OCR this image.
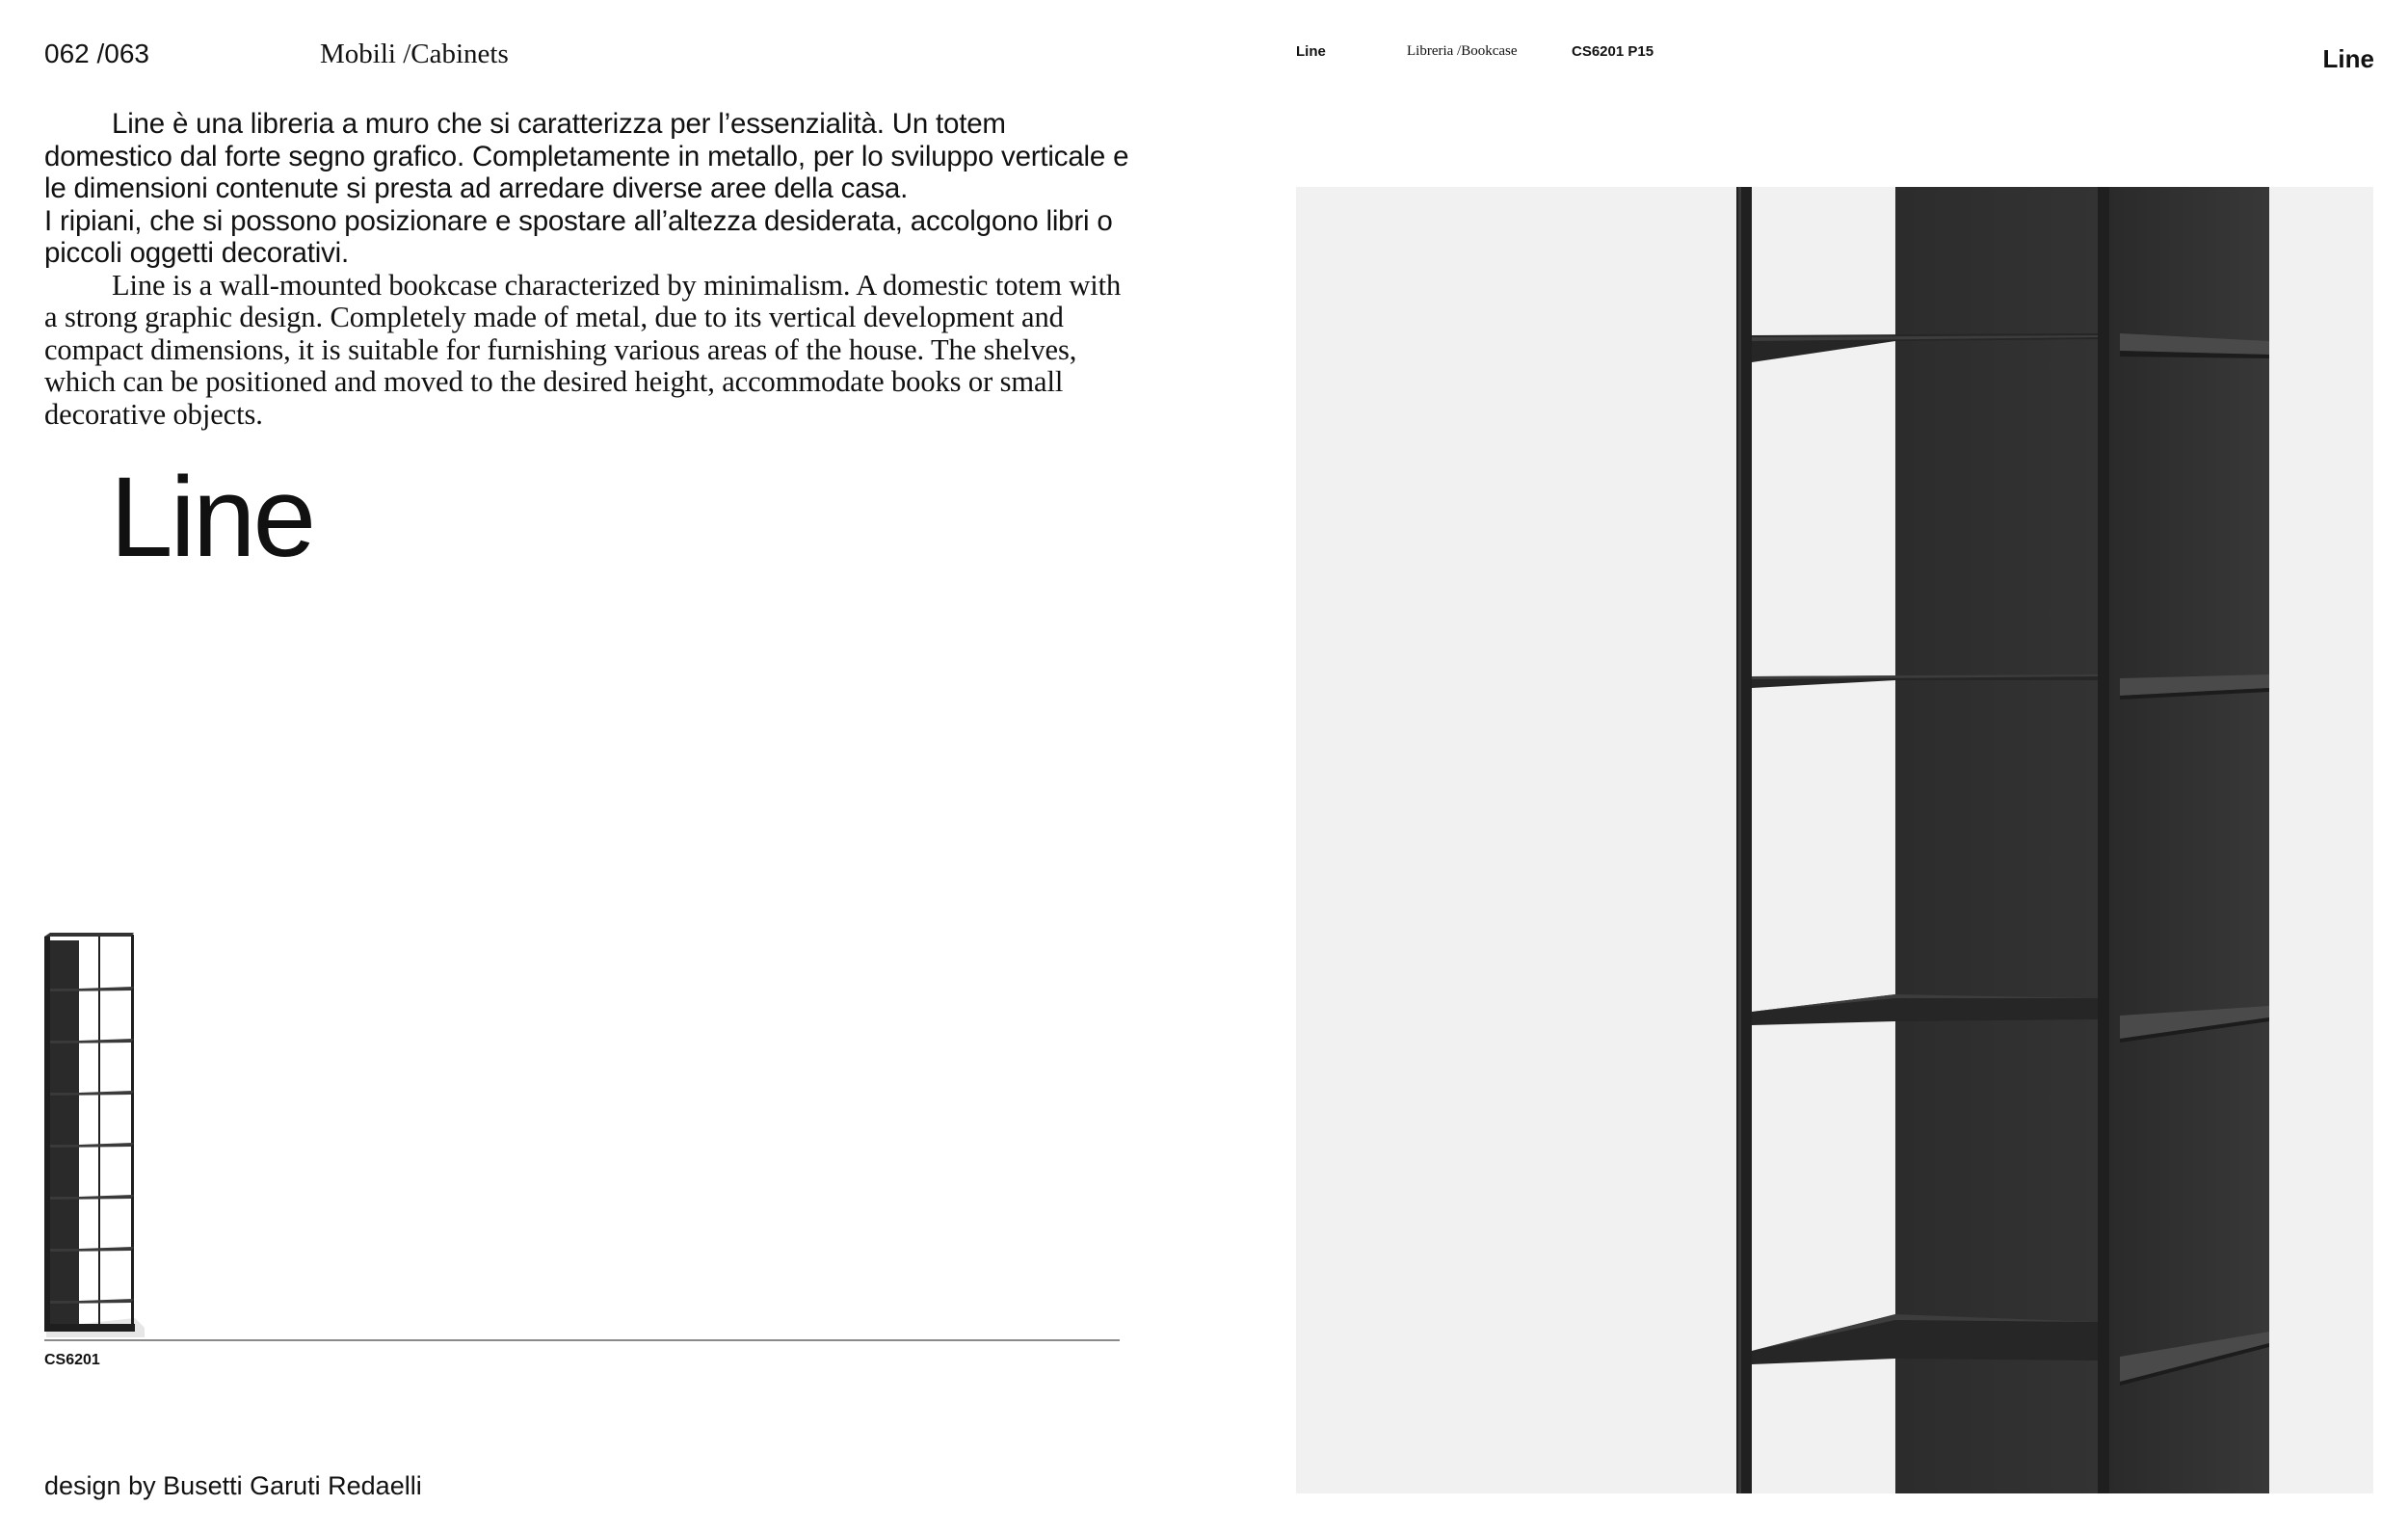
062 /063	Mobili /Cabinets

Line è una libreria a muro che si caratterizza per l’essenzialità. Un totem domestico dal forte segno grafico. Completamente in metallo, per lo sviluppo verticale e le dimensioni contenute si presta ad arredare diverse aree della casa.
I ripiani, che si possono posizionare e spostare all’altezza desiderata, accolgono libri o piccoli oggetti decorativi.

Line is a wall-mounted bookcase characterized by minimalism. A domestic totem with a strong graphic design. Completely made of metal, due to its vertical development and compact dimensions, it is suitable for furnishing various areas of the house. The shelves, which can be positioned and moved to the desired height, accommodate books or small decorative objects.

Line
CS6201
design by Busetti Garuti Redaelli
Line	Libreria /Bookcase	CS6201 P15	Line
